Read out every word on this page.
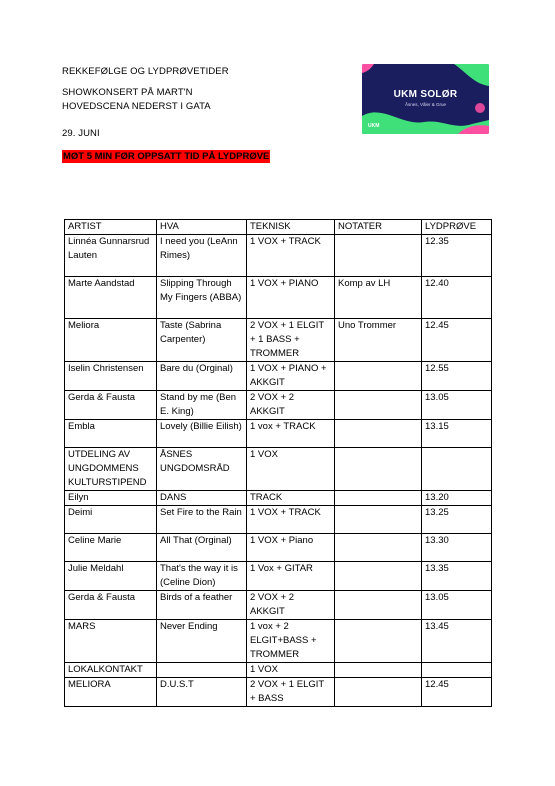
REKKEFØLGE OG LYDPRØVETIDER
SHOWKONSERT PÅ MART'N
HOVEDSCENA NEDERST I GATA
29. JUNI
MØT 5 MIN FØR OPPSATT TID PÅ LYDPRØVE
UKM SOLØR
Åsnes, Våler & Grue
UKM
ARTIST	HVA	TEKNISK	NOTATER	LYDPRØVE
Linnéa Gunnarsrud Lauten	I need you (LeAnn Rimes)	1 VOX + TRACK		12.35
Marte Aandstad	Slipping Through My Fingers (ABBA)	1 VOX + PIANO	Komp av LH	12.40
Meliora	Taste (Sabrina Carpenter)	2 VOX + 1 ELGIT + 1 BASS + TROMMER	Uno Trommer	12.45
Iselin Christensen	Bare du (Orginal)	1 VOX + PIANO + AKKGIT		12.55
Gerda & Fausta	Stand by me (Ben E. King)	2 VOX + 2 AKKGIT		13.05
Embla	Lovely (Billie Eilish)	1 vox + TRACK		13.15
UTDELING AV UNGDOMMENS KULTURSTIPEND	ÅSNES UNGDOMSRÅD	1 VOX		
Eilyn	DANS	TRACK		13.20
Deimi	Set Fire to the Rain	1 VOX + TRACK		13.25
Celine Marie	All That (Orginal)	1 VOX + Piano		13.30
Julie Meldahl	That's the way it is (Celine Dion)	1 Vox + GITAR		13.35
Gerda & Fausta	Birds of a feather	2 VOX + 2 AKKGIT		13.05
MARS	Never Ending	1 vox + 2 ELGIT+BASS + TROMMER		13.45
LOKALKONTAKT		1 VOX		
MELIORA	D.U.S.T	2 VOX + 1 ELGIT + BASS		12.45
